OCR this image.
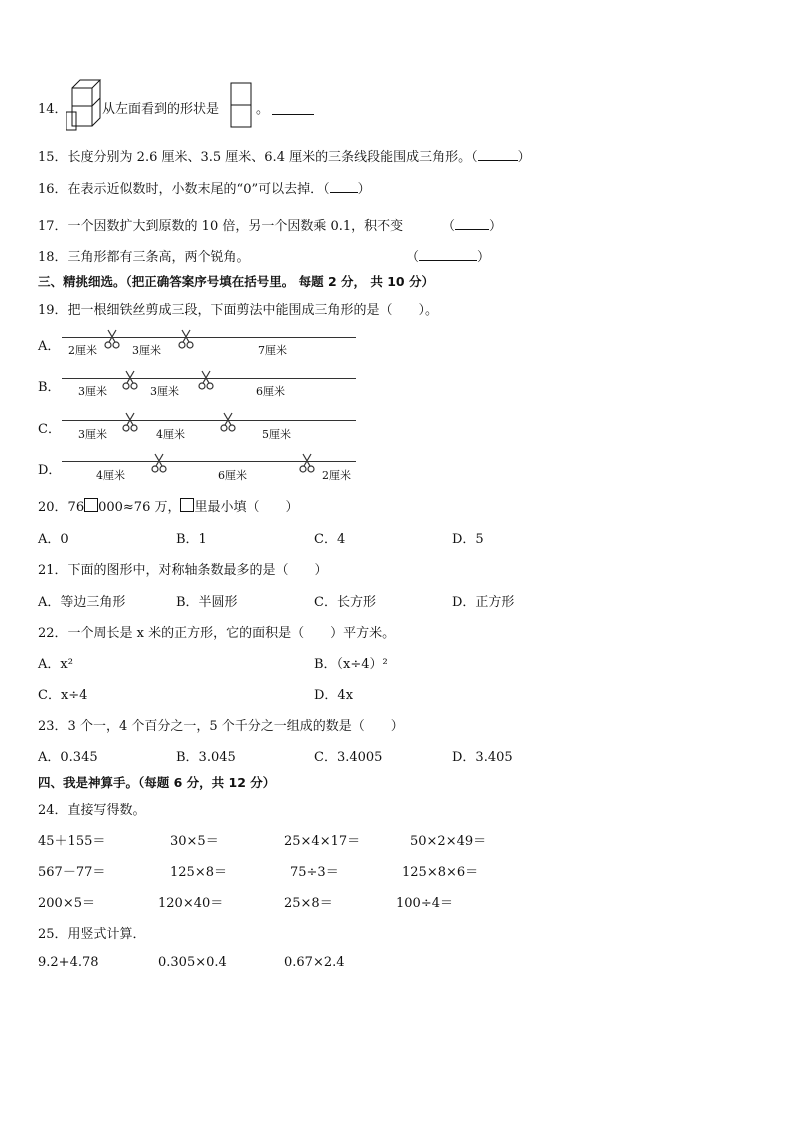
14．	从左面看到的形状是	。
15．长度分别为 2.6 厘米、3.5 厘米、6.4 厘米的三条线段能围成三角形。（	）
16．在表示近似数时，小数末尾的“0”可以去掉．（ ）
17．一个因数扩大到原数的 10 倍，另一个因数乘 0.1，积不变	（	）
18．三角形都有三条高，两个锐角。	（	）
三、精挑细选。（把正确答案序号填在括号里。 每题 2 分， 共 10 分）
19．把一根细铁丝剪成三段，下面剪法中能围成三角形的是（　　）。
A． 2厘米	3厘米	7厘米
B． 3厘米	3厘米	6厘米
C． 3厘米	4厘米	5厘米
D．	4厘米	6厘米	2厘米
20．76 000≈76 万， 里最小填（　　）
A．0	B．1	C．4	D．5
21．下面的图形中，对称轴条数最多的是（　　）
A．等边三角形	B．半圆形	C．长方形	D．正方形
22．一个周长是 x 米的正方形，它的面积是（　　）平方米。
A．x²	B．（x÷4）²
C．x÷4	D．4x
23．3 个一，4 个百分之一，5 个千分之一组成的数是（　　）
A．0.345	B．3.045	C．3.4005	D．3.405
四、我是神算手。（每题 6 分，共 12 分）
24．直接写得数。
45＋155＝	30×5＝	25×4×17＝	50×2×49＝
567－77＝	125×8＝	75÷3＝	125×8×6＝
200×5＝	120×40＝	25×8＝	100÷4＝
25．用竖式计算．
9.2+4.78	0.305×0.4	0.67×2.4
